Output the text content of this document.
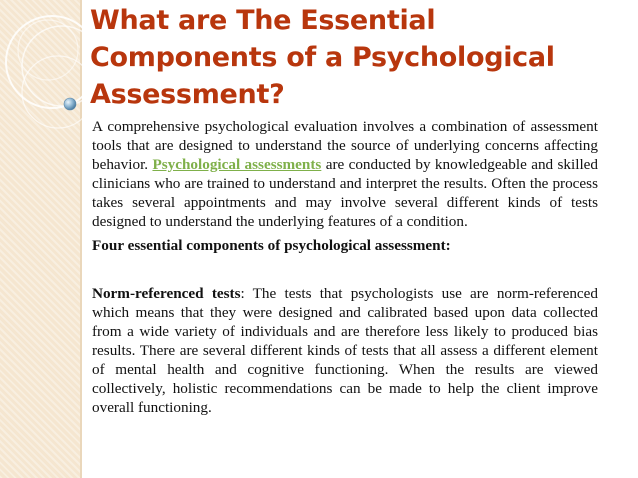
What are The Essential Components of a Psychological Assessment?

A comprehensive psychological evaluation involves a combination of assessment tools that are designed to understand the source of underlying concerns affecting behavior. Psychological assessments are conducted by knowledgeable and skilled clinicians who are trained to understand and interpret the results. Often the process takes several appointments and may involve several different kinds of tests designed to understand the underlying features of a condition.

Four essential components of psychological assessment:

Norm-referenced tests: The tests that psychologists use are norm-referenced which means that they were designed and calibrated based upon data collected from a wide variety of individuals and are therefore less likely to produced bias results. There are several different kinds of tests that all assess a different element of mental health and cognitive functioning. When the results are viewed collectively, holistic recommendations can be made to help the client improve overall functioning.
